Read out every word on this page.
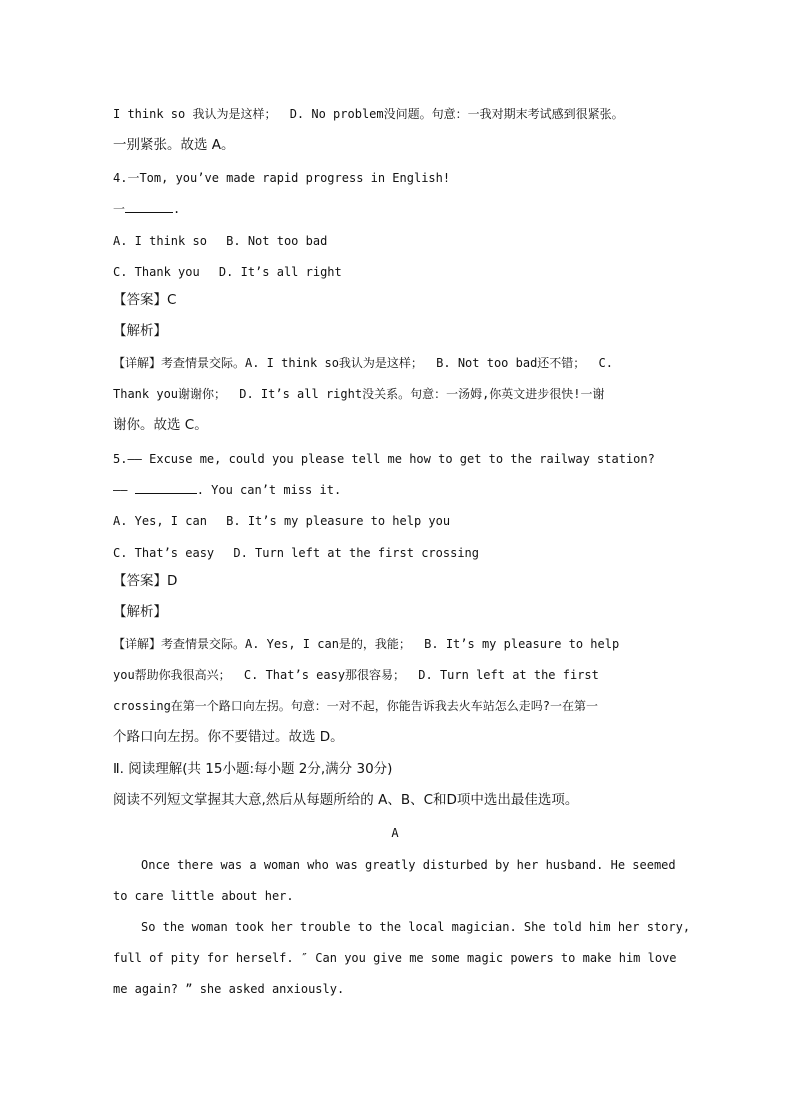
I think so 我认为是这样；　 D. No problem没问题。句意：一我对期末考试感到很紧张。
一别紧张。故选 A。
4.一Tom, you’ve made rapid progress in English!
一	.
A. I think so　 B. Not too bad
C. Thank you　 D. It’s all right
【答案】C
【解析】
【详解】考查情景交际。A. I think so我认为是这样；　 B. Not too bad还不错；　 C.
Thank you谢谢你；　 D. It’s all right没关系。句意：一汤姆,你英文进步很快!一谢
谢你。故选 C。
5.—— Excuse me, could you please tell me how to get to the railway station?
——	. You can’t miss it.
A. Yes, I can　 B. It’s my pleasure to help you
C. That’s easy　 D. Turn left at the first crossing
【答案】D
【解析】
【详解】考查情景交际。A. Yes, I can是的，我能；　 B. It’s my pleasure to help
you帮助你我很高兴；　 C. That’s easy那很容易；　 D. Turn left at the first
crossing在第一个路口向左拐。句意：一对不起，你能告诉我去火车站怎么走吗?一在第一
个路口向左拐。你不要错过。故选 D。
Ⅱ. 阅读理解(共 15小题:每小题 2分,满分 30分)
阅读不列短文掌握其大意,然后从每题所给的 A、B、C和D项中选出最佳选项。
A
Once there was a woman who was greatly disturbed by her husband. He seemed
to care little about her.
So the woman took her trouble to the local magician. She told him her story,
full of pity for herself. ″ Can you give me some magic powers to make him love
me again? ” she asked anxiously.
